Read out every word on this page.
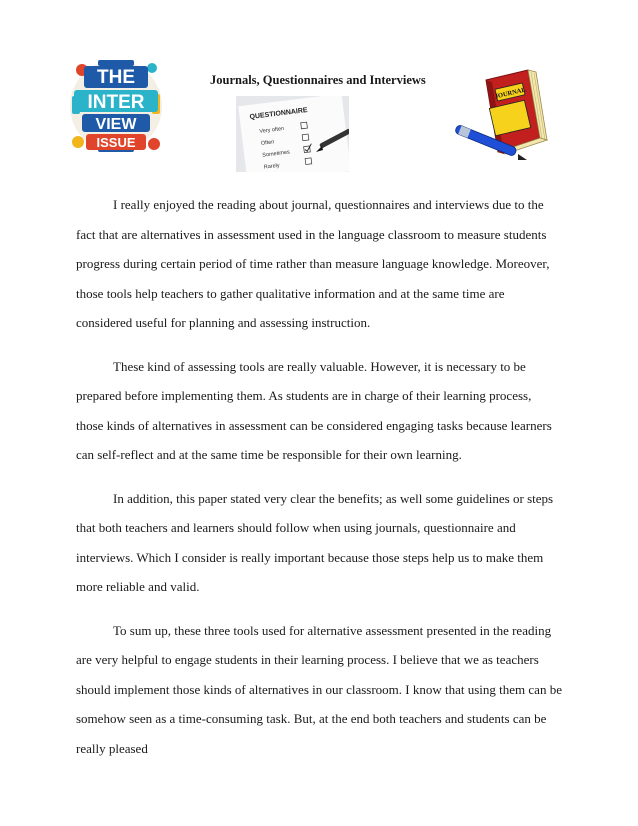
THE
INTER
VIEW
ISSUE
Journals, Questionnaires and Interviews
QUESTIONNAIRE
Very often
Often
Sometimes
Rarely
JOURNAL

I really enjoyed the reading about journal, questionnaires and interviews due to the fact that are alternatives in assessment used in the language classroom to measure students progress during certain period of time rather than measure language knowledge. Moreover, those tools help teachers to gather qualitative information and at the same time are considered useful for planning and assessing instruction.

These kind of assessing tools are really valuable. However, it is necessary to be prepared before implementing them. As students are in charge of their learning process, those kinds of alternatives in assessment can be considered engaging tasks because learners can self-reflect and at the same time be responsible for their own learning.

In addition, this paper stated very clear the benefits; as well some guidelines or steps that both teachers and learners should follow when using journals, questionnaire and interviews. Which I consider is really important because those steps help us to make them more reliable and valid.

To sum up, these three tools used for alternative assessment presented in the reading are very helpful to engage students in their learning process. I believe that we as teachers should implement those kinds of alternatives in our classroom. I know that using them can be somehow seen as a time-consuming task. But, at the end both teachers and students can be really pleased
